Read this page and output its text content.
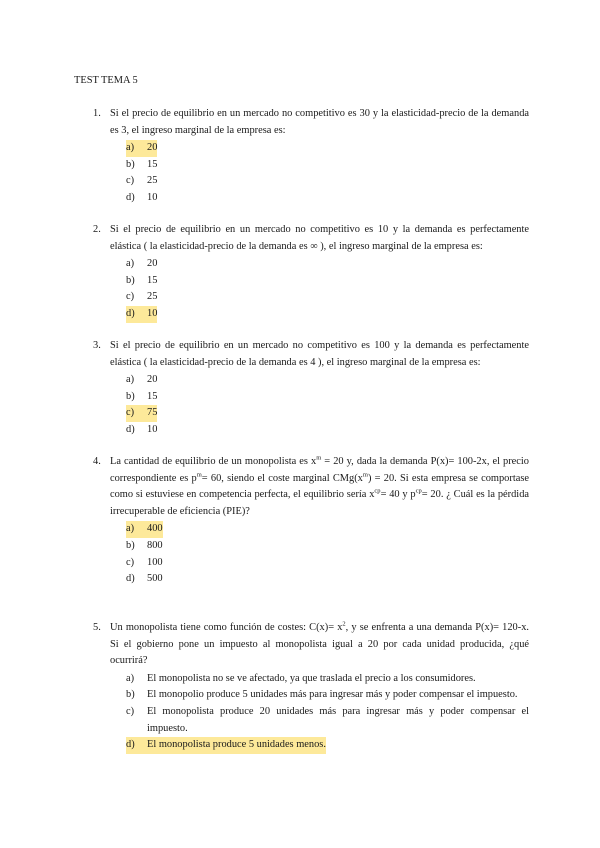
TEST TEMA 5
1. Si el precio de equilibrio en un mercado no competitivo es 30 y la elasticidad-precio de la demanda es 3, el ingreso marginal de la empresa es:
a)	20
b)	15
c)	25
d)	10
2. Si el precio de equilibrio en un mercado no competitivo es 10 y la demanda es perfectamente elástica ( la elasticidad-precio de la demanda es ∞ ), el ingreso marginal de la empresa es:
a)	20
b)	15
c)	25
d)	10
3. Si el precio de equilibrio en un mercado no competitivo es 100 y la demanda es perfectamente elástica ( la elasticidad-precio de la demanda es 4 ), el ingreso marginal de la empresa es:
a)	20
b)	15
c)	75
d)	10
4. La cantidad de equilibrio de un monopolista es $x^m = 20$ y, dada la demanda P(x)= 100-2x, el precio correspondiente es $p^m= 60$, siendo el coste marginal $CMg(x^m) = 20$. Si esta empresa se comportase como si estuviese en competencia perfecta, el equilibrio sería $x^{cp}= 40$ y $p^{cp}= 20$. ¿ Cuál es la pérdida irrecuperable de eficiencia (PIE)?
a)	400
b)	800
c)	100
d)	500
5. Un monopolista tiene como función de costes: $C(x)= x^2$, y se enfrenta a una demanda P(x)= 120-x. Si el gobierno pone un impuesto al monopolista igual a 20 por cada unidad producida, ¿qué ocurrirá?
a)	El monopolista no se ve afectado, ya que traslada el precio a los consumidores.
b)	El monopolio produce 5 unidades más para ingresar más y poder compensar el impuesto.
c)	El monopolista produce 20 unidades más para ingresar más y poder compensar el impuesto.
d)	El monopolista produce 5 unidades menos.
